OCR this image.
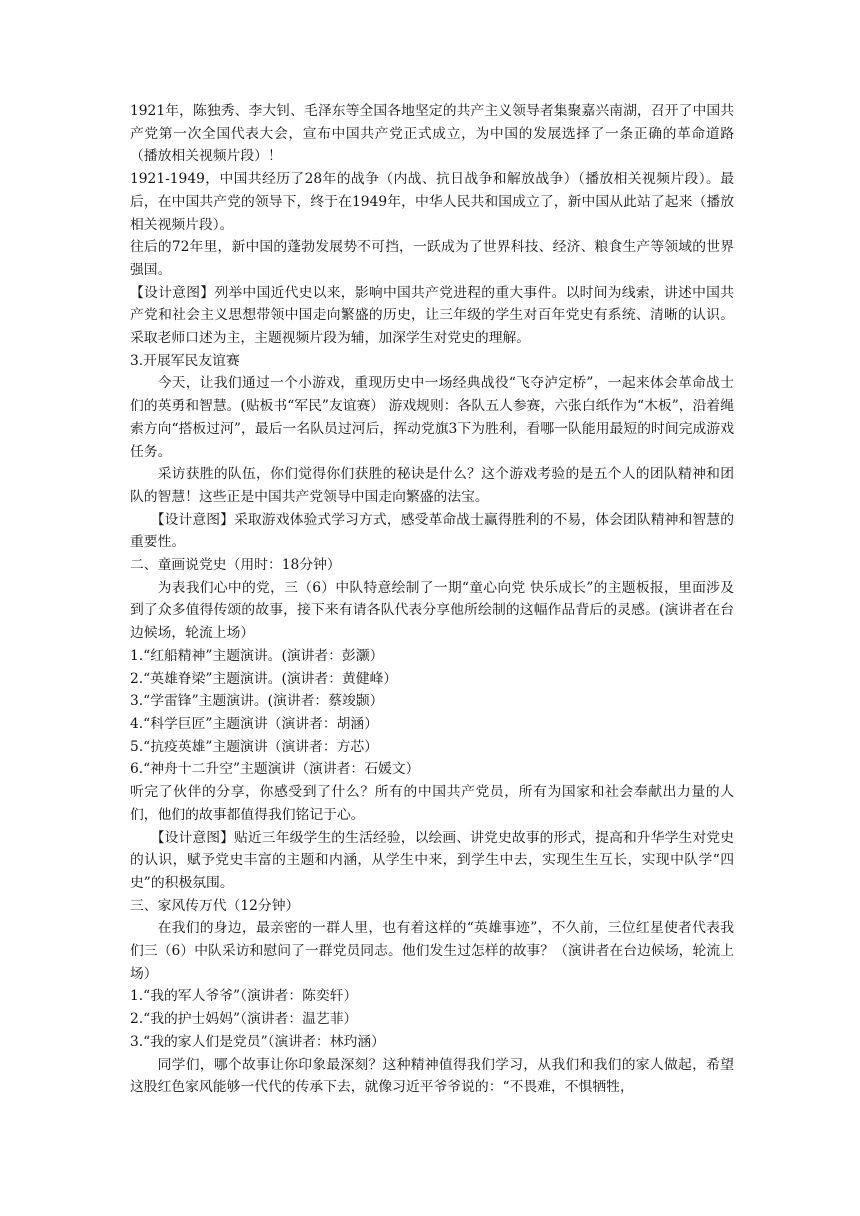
1921年，陈独秀、李大钊、毛泽东等全国各地坚定的共产主义领导者集聚嘉兴南湖，召开了中国共产党第一次全国代表大会，宣布中国共产党正式成立，为中国的发展选择了一条正确的革命道路（播放相关视频片段）！

1921-1949，中国共经历了28年的战争（内战、抗日战争和解放战争）（播放相关视频片段）。最后，在中国共产党的领导下，终于在1949年，中华人民共和国成立了，新中国从此站了起来（播放相关视频片段）。

往后的72年里，新中国的蓬勃发展势不可挡，一跃成为了世界科技、经济、粮食生产等领域的世界强国。

【设计意图】列举中国近代史以来，影响中国共产党进程的重大事件。以时间为线索，讲述中国共产党和社会主义思想带领中国走向繁盛的历史，让三年级的学生对百年党史有系统、清晰的认识。采取老师口述为主，主题视频片段为辅，加深学生对党史的理解。

3.开展军民友谊赛

今天，让我们通过一个小游戏，重现历史中一场经典战役“飞夺泸定桥”，一起来体会革命战士们的英勇和智慧。(贴板书“军民”友谊赛） 游戏规则：各队五人参赛，六张白纸作为“木板”，沿着绳索方向“搭板过河”，最后一名队员过河后，挥动党旗3下为胜利，看哪一队能用最短的时间完成游戏任务。

采访获胜的队伍，你们觉得你们获胜的秘诀是什么？这个游戏考验的是五个人的团队精神和团队的智慧！这些正是中国共产党领导中国走向繁盛的法宝。

【设计意图】采取游戏体验式学习方式，感受革命战士赢得胜利的不易，体会团队精神和智慧的重要性。

二、童画说党史（用时：18分钟）

为表我们心中的党，三（6）中队特意绘制了一期“童心向党 快乐成长”的主题板报，里面涉及到了众多值得传颂的故事，接下来有请各队代表分享他所绘制的这幅作品背后的灵感。(演讲者在台边候场，轮流上场）

1.“红船精神”主题演讲。(演讲者：彭灏）

2.“英雄脊梁”主题演讲。(演讲者：黄健峰）

3.“学雷锋”主题演讲。(演讲者：蔡竣颢）

4.“科学巨匠”主题演讲（演讲者：胡涵）

5.“抗疫英雄”主题演讲（演讲者：方芯）

6.“神舟十二升空”主题演讲（演讲者：石媛文）

听完了伙伴的分享，你感受到了什么？所有的中国共产党员，所有为国家和社会奉献出力量的人们，他们的故事都值得我们铭记于心。

【设计意图】贴近三年级学生的生活经验，以绘画、讲党史故事的形式，提高和升华学生对党史的认识，赋予党史丰富的主题和内涵，从学生中来，到学生中去，实现生生互长，实现中队学“四史”的积极氛围。

三、家风传万代（12分钟）

在我们的身边，最亲密的一群人里，也有着这样的“英雄事迹”，不久前，三位红星使者代表我们三（6）中队采访和慰问了一群党员同志。他们发生过怎样的故事？（演讲者在台边候场，轮流上场）

1.“我的军人爷爷”（演讲者：陈奕轩）

2.“我的护士妈妈”（演讲者：温艺菲）

3.“我的家人们是党员”（演讲者：林玓涵）

同学们，哪个故事让你印象最深刻？这种精神值得我们学习，从我们和我们的家人做起，希望这股红色家风能够一代代的传承下去，就像习近平爷爷说的：“不畏难，不惧牺牲，
